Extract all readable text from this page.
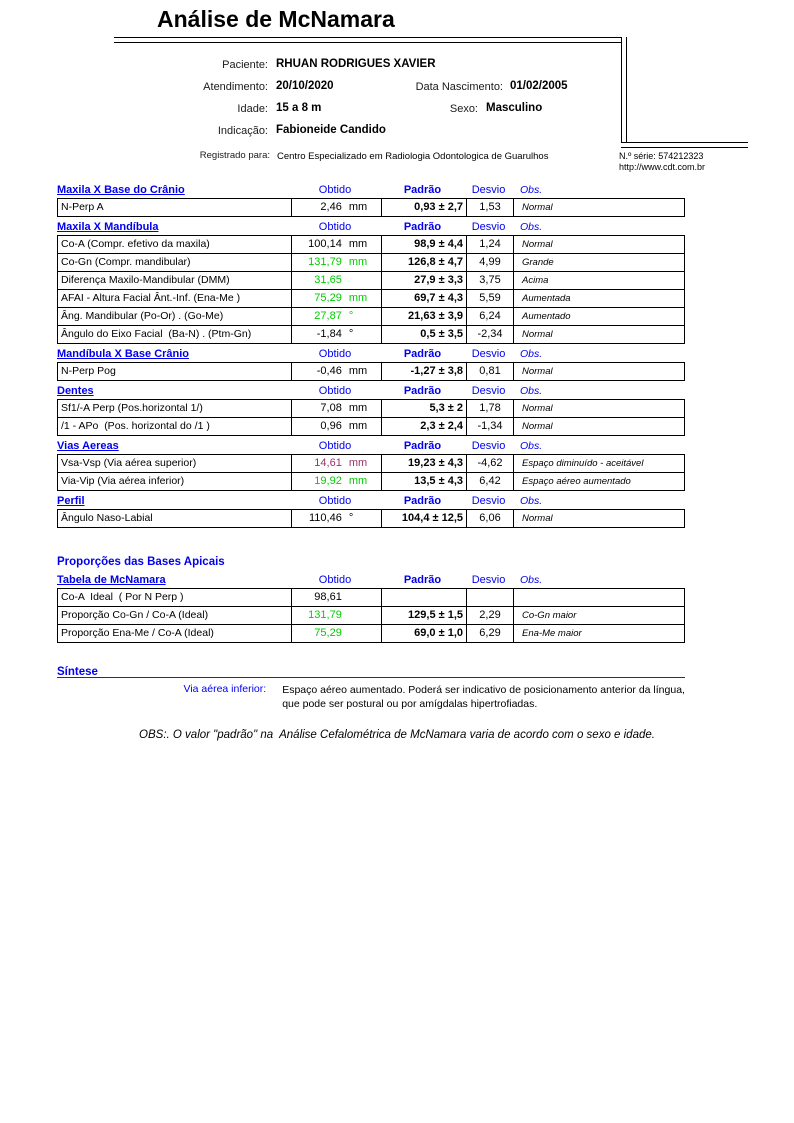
Análise de McNamara
Paciente: RHUAN RODRIGUES XAVIER
Atendimento: 20/10/2020	Data Nascimento: 01/02/2005
Idade: 15 a 8 m	Sexo: Masculino
Indicação: Fabioneide Candido
Registrado para: Centro Especializado em Radiologia Odontologica de Guarulhos	N.º série: 574212323
http://www.cdt.com.br
Maxila X Base do Crânio	Obtido	Padrão	Desvio	Obs.
N-Perp A	2,46 mm	0,93 ± 2,7	1,53	Normal
Maxila X Mandíbula	Obtido	Padrão	Desvio	Obs.
Co-A (Compr. efetivo da maxila)	100,14 mm	98,9 ± 4,4	1,24	Normal
Co-Gn (Compr. mandibular)	131,79 mm	126,8 ± 4,7	4,99	Grande
Diferença Maxilo-Mandibular (DMM)	31,65	27,9 ± 3,3	3,75	Acima
AFAI - Altura Facial Ânt.-Inf. (Ena-Me )	75,29 mm	69,7 ± 4,3	5,59	Aumentada
Âng. Mandibular (Po-Or) . (Go-Me)	27,87 °	21,63 ± 3,9	6,24	Aumentado
Ângulo do Eixo Facial  (Ba-N) . (Ptm-Gn)	-1,84 °	0,5 ± 3,5	-2,34	Normal
Mandíbula X Base Crânio	Obtido	Padrão	Desvio	Obs.
N-Perp Pog	-0,46 mm	-1,27 ± 3,8	0,81	Normal
Dentes	Obtido	Padrão	Desvio	Obs.
Sf1/-A Perp (Pos.horizontal 1/)	7,08 mm	5,3 ± 2	1,78	Normal
/1 - APo  (Pos. horizontal do /1 )	0,96 mm	2,3 ± 2,4	-1,34	Normal
Vias Aereas	Obtido	Padrão	Desvio	Obs.
Vsa-Vsp (Via aérea superior)	14,61 mm	19,23 ± 4,3	-4,62	Espaço diminuído - aceitável
Via-Vip (Via aérea inferior)	19,92 mm	13,5 ± 4,3	6,42	Espaço aéreo aumentado
Perfil	Obtido	Padrão	Desvio	Obs.
Ângulo Naso-Labial	110,46 °	104,4 ± 12,5	6,06	Normal
Proporções das Bases Apicais
Tabela de McNamara	Obtido	Padrão	Desvio	Obs.
Co-A  Ideal  ( Por N Perp )	98,61
Proporção Co-Gn / Co-A (Ideal)	131,79	129,5 ± 1,5	2,29	Co-Gn maior
Proporção Ena-Me / Co-A (Ideal)	75,29	69,0 ± 1,0	6,29	Ena-Me maior
Síntese
Via aérea inferior: Espaço aéreo aumentado. Poderá ser indicativo de posicionamento anterior da língua, que pode ser postural ou por amígdalas hipertrofiadas.
OBS:. O valor "padrão" na  Análise Cefalométrica de McNamara varia de acordo com o sexo e idade.
